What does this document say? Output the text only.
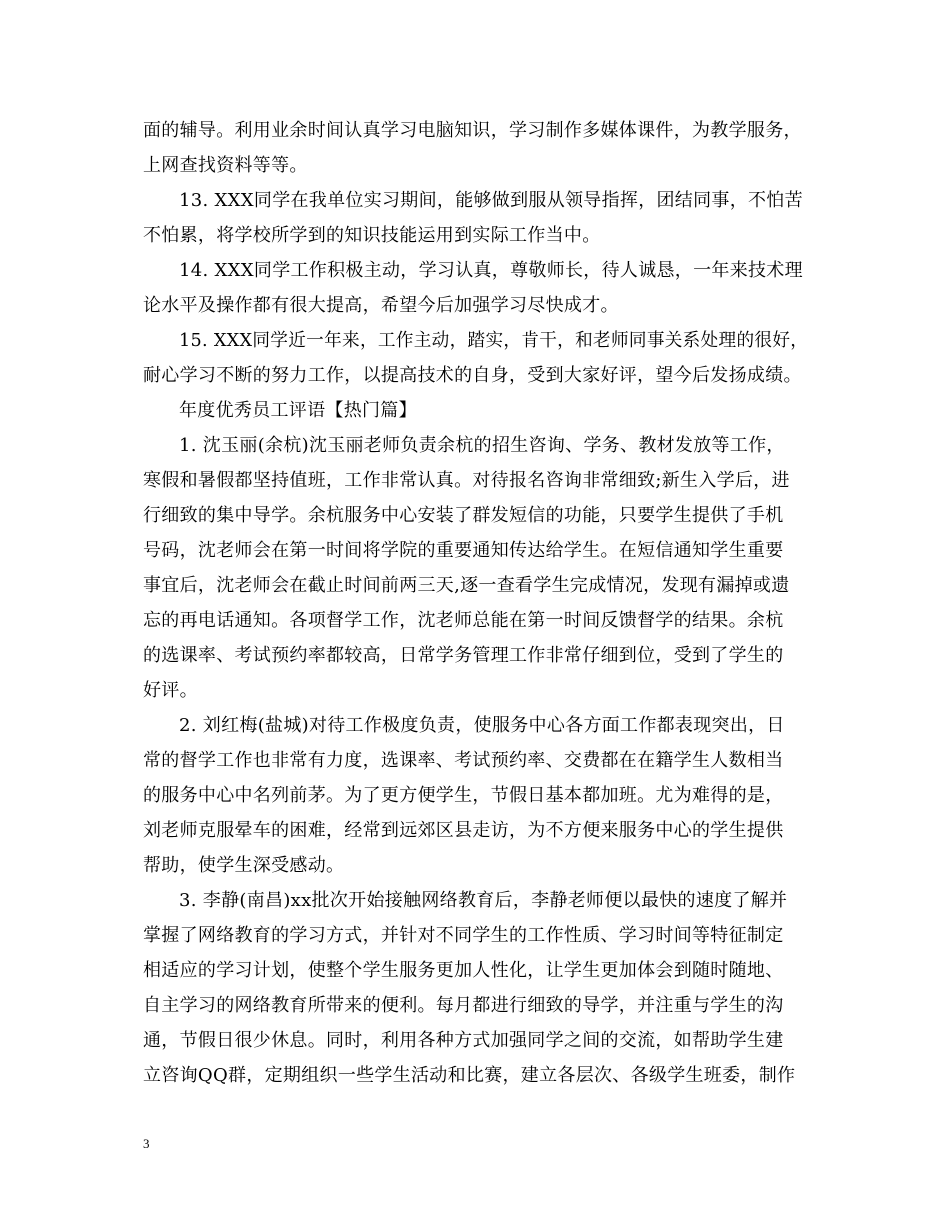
面的辅导。利用业余时间认真学习电脑知识，学习制作多媒体课件，为教学服务，
上网查找资料等等。
13. XXX同学在我单位实习期间，能够做到服从领导指挥，团结同事，不怕苦
不怕累，将学校所学到的知识技能运用到实际工作当中。
14. XXX同学工作积极主动，学习认真，尊敬师长，待人诚恳，一年来技术理
论水平及操作都有很大提高，希望今后加强学习尽快成才。
15. XXX同学近一年来，工作主动，踏实，肯干，和老师同事关系处理的很好，
耐心学习不断的努力工作，以提高技术的自身，受到大家好评，望今后发扬成绩。
年度优秀员工评语【热门篇】
1. 沈玉丽(余杭)沈玉丽老师负责余杭的招生咨询、学务、教材发放等工作，
寒假和暑假都坚持值班，工作非常认真。对待报名咨询非常细致;新生入学后，进
行细致的集中导学。余杭服务中心安装了群发短信的功能，只要学生提供了手机
号码，沈老师会在第一时间将学院的重要通知传达给学生。在短信通知学生重要
事宜后，沈老师会在截止时间前两三天,逐一查看学生完成情况，发现有漏掉或遗
忘的再电话通知。各项督学工作，沈老师总能在第一时间反馈督学的结果。余杭
的选课率、考试预约率都较高，日常学务管理工作非常仔细到位，受到了学生的
好评。
2. 刘红梅(盐城)对待工作极度负责，使服务中心各方面工作都表现突出，日
常的督学工作也非常有力度，选课率、考试预约率、交费都在在籍学生人数相当
的服务中心中名列前茅。为了更方便学生，节假日基本都加班。尤为难得的是，
刘老师克服晕车的困难，经常到远郊区县走访，为不方便来服务中心的学生提供
帮助，使学生深受感动。
3. 李静(南昌)xx批次开始接触网络教育后，李静老师便以最快的速度了解并
掌握了网络教育的学习方式，并针对不同学生的工作性质、学习时间等特征制定
相适应的学习计划，使整个学生服务更加人性化，让学生更加体会到随时随地、
自主学习的网络教育所带来的便利。每月都进行细致的导学，并注重与学生的沟
通，节假日很少休息。同时，利用各种方式加强同学之间的交流，如帮助学生建
立咨询QQ群，定期组织一些学生活动和比赛，建立各层次、各级学生班委，制作
3
